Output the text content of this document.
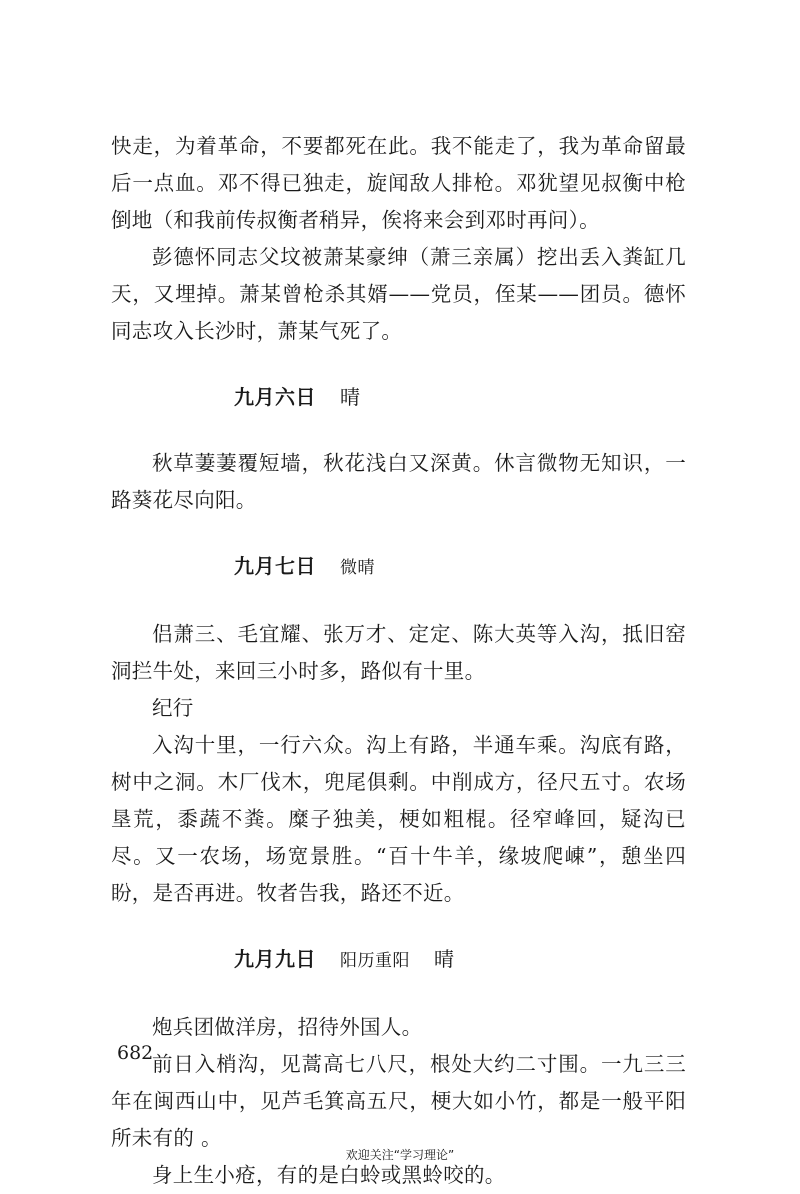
快走，为着革命，不要都死在此。我不能走了，我为革命留最后一点血。邓不得已独走，旋闻敌人排枪。邓犹望见叔衡中枪倒地（和我前传叔衡者稍异，俟将来会到邓时再问）。

彭德怀同志父坟被萧某豪绅（萧三亲属）挖出丢入粪缸几天，又埋掉。萧某曾枪杀其婿——党员，侄某——团员。德怀同志攻入长沙时，萧某气死了。

九月六日 晴

秋草萋萋覆短墙，秋花浅白又深黄。休言微物无知识，一路葵花尽向阳。

九月七日 微晴

侣萧三、毛宜耀、张万才、定定、陈大英等入沟，抵旧窑洞拦牛处，来回三小时多，路似有十里。

纪行

入沟十里，一行六众。沟上有路，半通车乘。沟底有路，树中之洞。木厂伐木，兜尾俱剩。中削成方，径尺五寸。农场垦荒，黍蔬不粪。糜子独美，梗如粗棍。径窄峰回，疑沟已尽。又一农场，场宽景胜。“百十牛羊，缘坡爬崠”，憩坐四盼，是否再进。牧者告我，路还不近。

九月九日 阳历重阳 晴

炮兵团做洋房，招待外国人。

前日入梢沟，见蒿高七八尺，根处大约二寸围。一九三三年在闽西山中，见芦毛箕高五尺，梗大如小竹，都是一般平阳所未有的 。

身上生小疮，有的是白蛉或黑蛉咬的。

682
欢迎关注“学习理论”
